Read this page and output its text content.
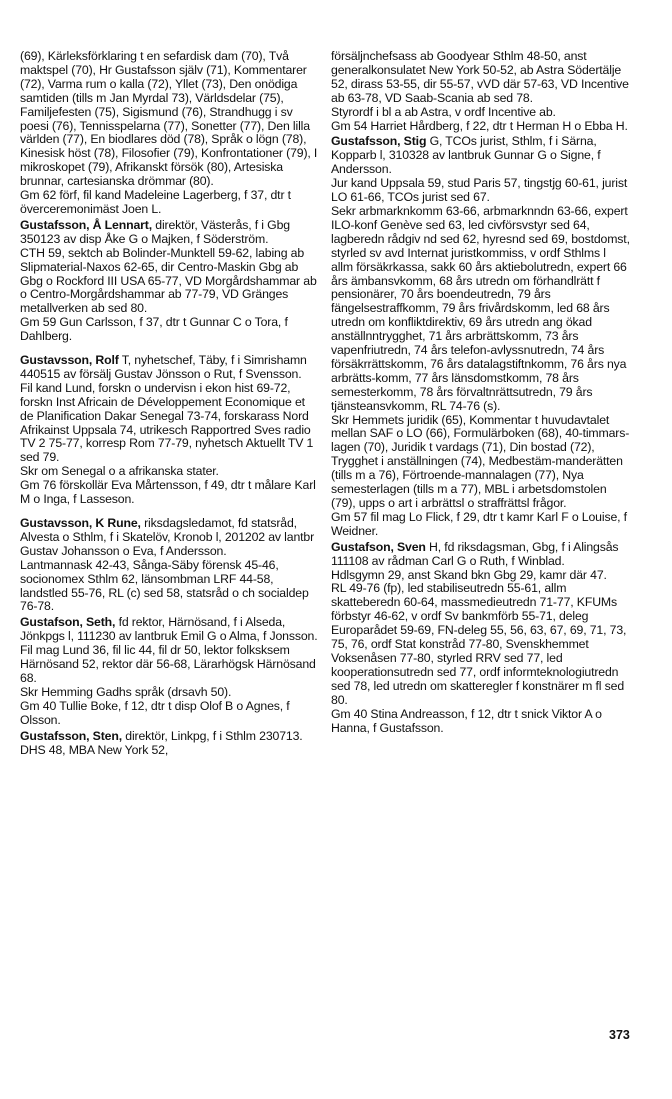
(69), Kärleksförklaring t en sefardisk dam (70), Två maktspel (70), Hr Gustafsson själv (71), Kommentarer (72), Varma rum o kalla (72), Yllet (73), Den onödiga samtiden (tills m Jan Myrdal 73), Världsdelar (75), Familjefesten (75), Sigismund (76), Strandhugg i sv poesi (76), Tennisspelarna (77), Sonetter (77), Den lilla världen (77), En biodlares död (78), Språk o lögn (78), Kinesisk höst (78), Filosofier (79), Konfrontationer (79), I mikroskopet (79), Afrikanskt försök (80), Artesiska brunnar, cartesianska drömmar (80).

Gm 62 förf, fil kand Madeleine Lagerberg, f 37, dtr t överceremonimäst Joen L.

Gustafsson, Å Lennart, direktör, Västerås, f i Gbg 350123 av disp Åke G o Majken, f Söderström.

CTH 59, sektch ab Bolinder-Munktell 59-62, labing ab Slipmaterial-Naxos 62-65, dir Centro-Maskin Gbg ab Gbg o Rockford III USA 65-77, VD Morgårdshammar ab o Centro-Morgårdshammar ab 77-79, VD Gränges metallverken ab sed 80.

Gm 59 Gun Carlsson, f 37, dtr t Gunnar C o Tora, f Dahlberg.

Gustavsson, Rolf T, nyhetschef, Täby, f i Simrishamn 440515 av försälj Gustav Jönsson o Rut, f Svensson.

Fil kand Lund, forskn o undervisn i ekon hist 69-72, forskn Inst Africain de Développement Economique et de Planification Dakar Senegal 73-74, forskarass Nord Afrikainst Uppsala 74, utrikesch Rapportred Sves radio TV 2 75-77, korresp Rom 77-79, nyhetsch Aktuellt TV 1 sed 79.

Skr om Senegal o a afrikanska stater.

Gm 76 förskollär Eva Mårtensson, f 49, dtr t målare Karl M o Inga, f Lasseson.

Gustavsson, K Rune, riksdagsledamot, fd statsråd, Alvesta o Sthlm, f i Skatelöv, Kronob l, 201202 av lantbr Gustav Johansson o Eva, f Andersson.

Lantmannask 42-43, Sånga-Säby förensk 45-46, socionomex Sthlm 62, länsombman LRF 44-58, landstled 55-76, RL (c) sed 58, statsråd o ch socialdep 76-78.

Gustafson, Seth, fd rektor, Härnösand, f i Alseda, Jönkpgs l, 111230 av lantbruk Emil G o Alma, f Jonsson.

Fil mag Lund 36, fil lic 44, fil dr 50, lektor folksksem Härnösand 52, rektor där 56-68, Lärarhögsk Härnösand 68.

Skr Hemming Gadhs språk (drsavh 50).

Gm 40 Tullie Boke, f 12, dtr t disp Olof B o Agnes, f Olsson.

Gustafsson, Sten, direktör, Linkpg, f i Sthlm 230713.

DHS 48, MBA New York 52,

försäljnchefsass ab Goodyear Sthlm 48-50, anst generalkonsulatet New York 50-52, ab Astra Södertälje 52, dirass 53-55, dir 55-57, vVD där 57-63, VD Incentive ab 63-78, VD Saab-Scania ab sed 78.

Styrordf i bl a ab Astra, v ordf Incentive ab.

Gm 54 Harriet Hårdberg, f 22, dtr t Herman H o Ebba H.

Gustafsson, Stig G, TCOs jurist, Sthlm, f i Särna, Kopparb l, 310328 av lantbruk Gunnar G o Signe, f Andersson.

Jur kand Uppsala 59, stud Paris 57, tingstjg 60-61, jurist LO 61-66, TCOs jurist sed 67.

Sekr arbmarknkomm 63-66, arbmarknndn 63-66, expert ILO-konf Genève sed 63, led civförsvstyr sed 64, lagberedn rådgiv nd sed 62, hyresnd sed 69, bostdomst, styrled sv avd Internat juristkommiss, v ordf Sthlms l allm försäkrkassa, sakk 60 års aktiebolutredn, expert 66 års ämbansvkomm, 68 års utredn om förhandlrätt f pensionärer, 70 års boendeutredn, 79 års fängelsestraffkomm, 79 års frivårdskomm, led 68 års utredn om konfliktdirektiv, 69 års utredn ang ökad anställnntrygghet, 71 års arbrättskomm, 73 års vapenfriutredn, 74 års telefon-avlyssnutredn, 74 års försäkrrättskomm, 76 års datalagstiftnkomm, 76 års nya arbrätts-komm, 77 års länsdomstkomm, 78 års semesterkomm, 78 års förvaltnrättsutredn, 79 års tjänsteansvkomm, RL 74-76 (s).

Skr Hemmets juridik (65), Kommentar t huvudavtalet mellan SAF o LO (66), Formulärboken (68), 40-timmars-lagen (70), Juridik t vardags (71), Din bostad (72), Trygghet i anställningen (74), Medbestäm-manderätten (tills m a 76), Förtroende-mannalagen (77), Nya semesterlagen (tills m a 77), MBL i arbetsdomstolen (79), upps o art i arbrättsl o straffrättsl frågor.

Gm 57 fil mag Lo Flick, f 29, dtr t kamr Karl F o Louise, f Weidner.

Gustafson, Sven H, fd riksdagsman, Gbg, f i Alingsås 111108 av rådman Carl G o Ruth, f Winblad.

Hdlsgymn 29, anst Skand bkn Gbg 29, kamr där 47.

RL 49-76 (fp), led stabiliseutredn 55-61, allm skatteberedn 60-64, massmedieutredn 71-77, KFUMs förbstyr 46-62, v ordf Sv bankmförb 55-71, deleg Europarådet 59-69, FN-deleg 55, 56, 63, 67, 69, 71, 73, 75, 76, ordf Stat konstråd 77-80, Svenskhemmet Voksenåsen 77-80, styrled RRV sed 77, led kooperationsutredn sed 77, ordf informteknologiutredn sed 78, led utredn om skatteregler f konstnärer m fl sed 80.

Gm 40 Stina Andreasson, f 12, dtr t snick Viktor A o Hanna, f Gustafsson.

373
